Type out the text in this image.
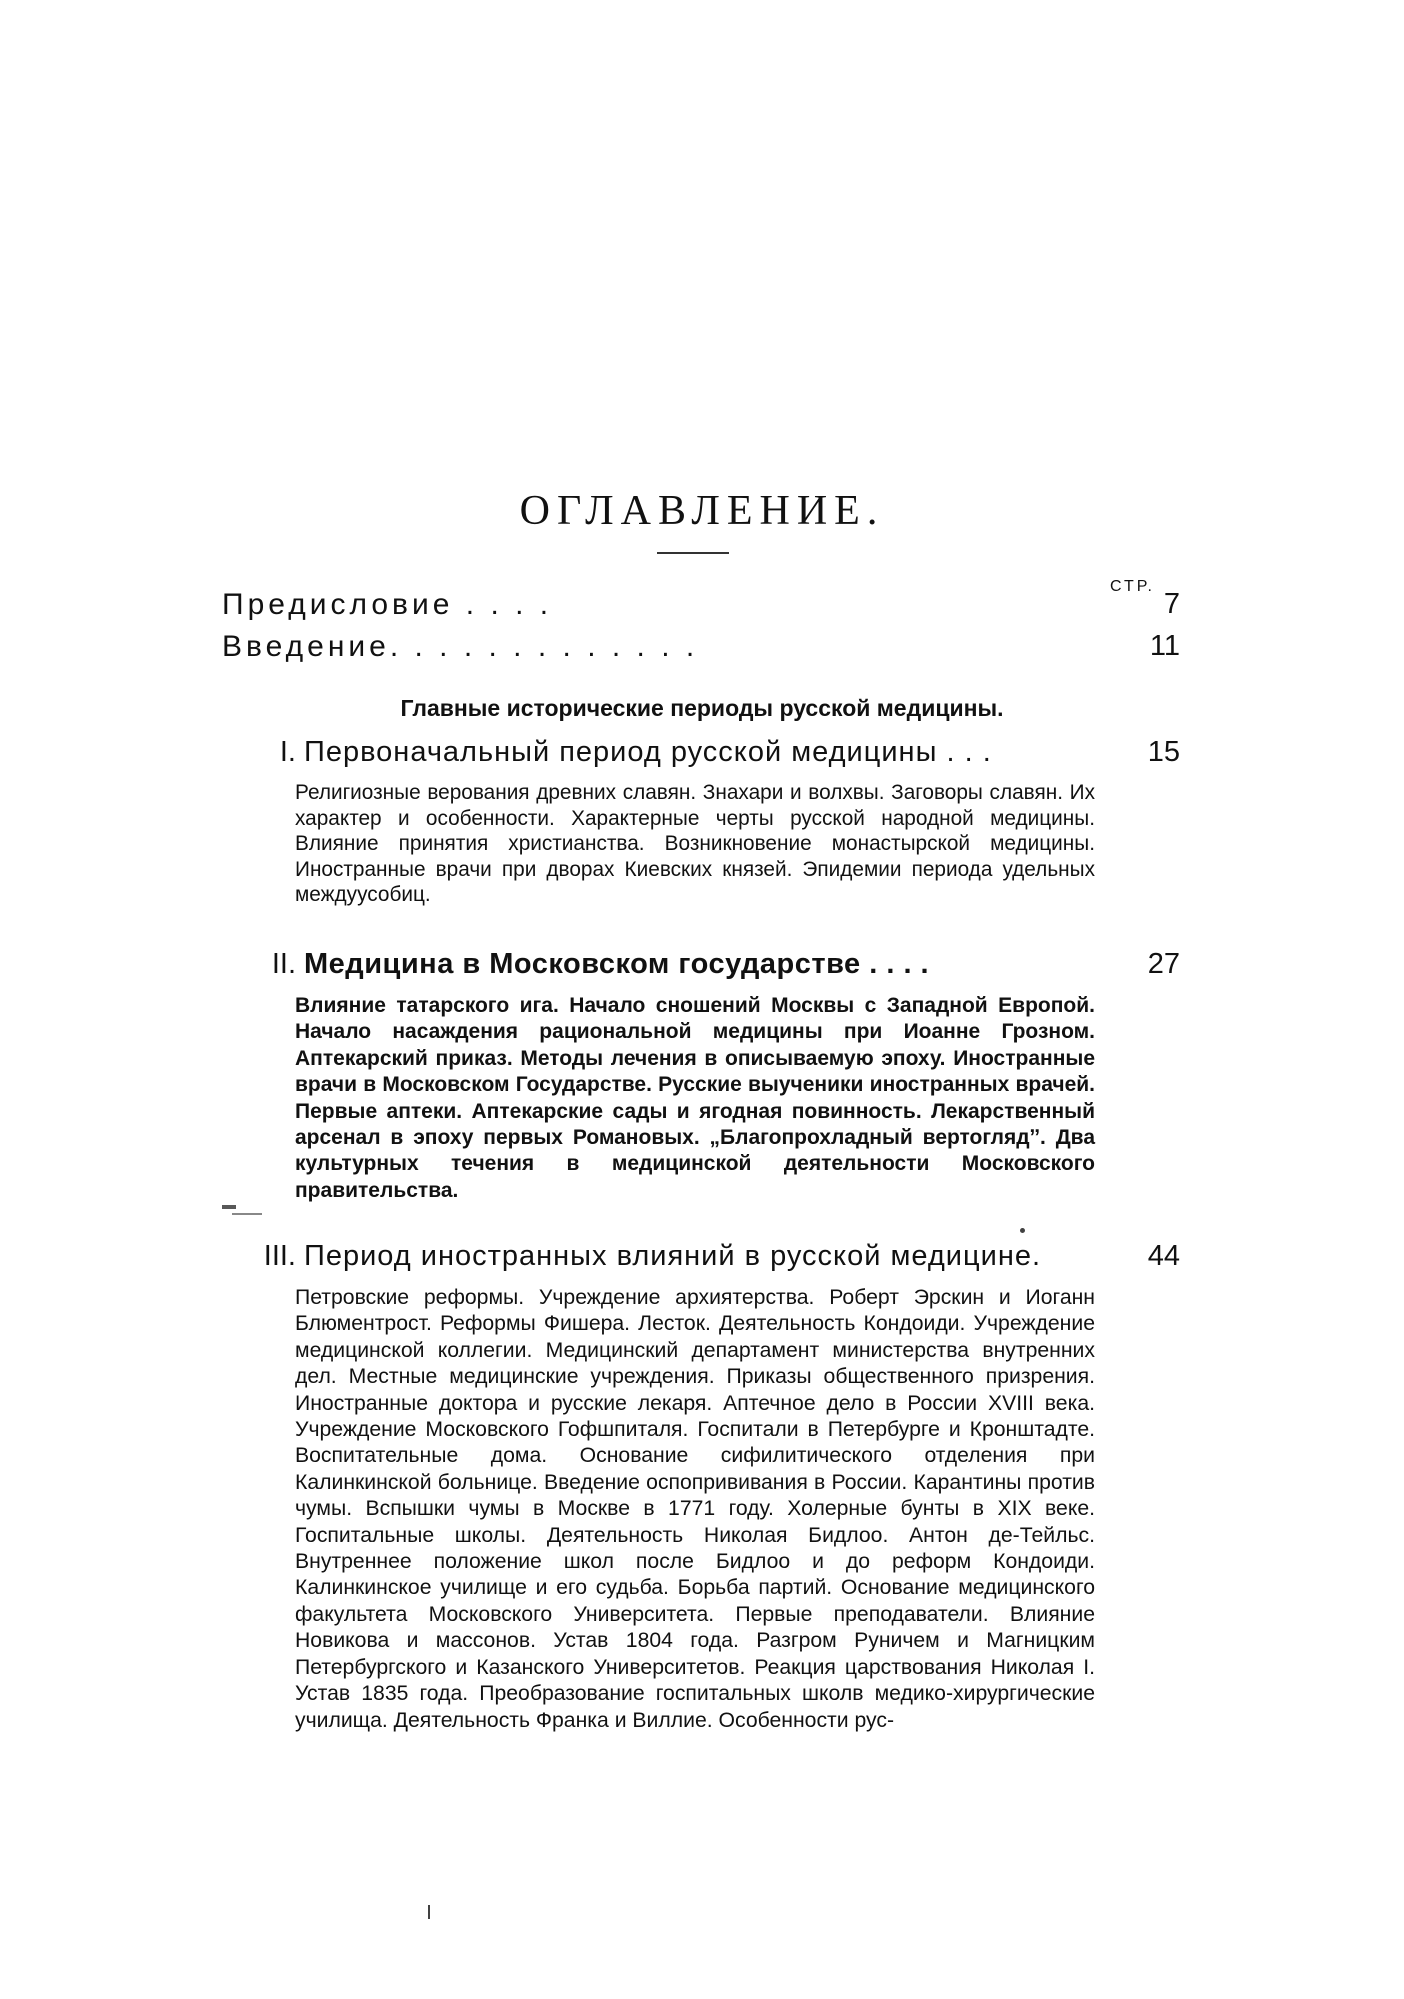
ОГЛАВЛЕНИЕ.
СТР.
Предисловие . . . .	7
Введение. . . . . . . . . . . . .	11
Главные исторические периоды русской медицины.
I. Первоначальный период русской медицины . . .	15

Религиозные верования древних славян. Знахари и волхвы. Заговоры славян. Их характер и особенности. Характерные черты русской народной медицины. Влияние принятия христианства. Возникновение монастырской медицины. Иностранные врачи при дворах Киевских князей. Эпидемии периода удельных междуусобиц.

II. Медицина в Московском государстве . . . .	27

Влияние татарского ига. Начало сношений Москвы с Западной Европой. Начало насаждения рациональной медицины при Иоанне Грозном. Аптекарский приказ. Методы лечения в описываемую эпоху. Иностранные врачи в Московском Государстве. Русские выученики иностранных врачей. Первые аптеки. Аптекарские сады и ягодная повинность. Лекарственный арсенал в эпоху первых Романовых. „Благопрохладный вертоглядˮ. Два культурных течения в медицинской деятельности Московского правительства.

III. Период иностранных влияний в русской медицине.	44

Петровские реформы. Учреждение архиятерства. Роберт Эрскин и Иоганн Блюментрост. Реформы Фишера. Лесток. Деятельность Кондоиди. Учреждение медицинской коллегии. Медицинский департамент министерства внутренних дел. Местные медицинские учреждения. Приказы общественного призрения. Иностранные доктора и русские лекаря. Аптечное дело в России XVIII века. Учреждение Московского Гофшпиталя. Госпитали в Петербурге и Кронштадте. Воспитательные дома. Основание сифилитического отделения при Калинкинской больнице. Введение оспопрививания в России. Карантины против чумы. Вспышки чумы в Москве в 1771 году. Холерные бунты в XIX веке. Госпитальные школы. Деятельность Николая Бидлоо. Антон де-Тейльс. Внутреннее положение школ после Бидлоо и до реформ Кондоиди. Калинкинское училище и его судьба. Борьба партий. Основание медицинского факультета Московского Университета. Первые преподаватели. Влияние Новикова и массонов. Устав 1804 года. Разгром Руничем и Магницким Петербургского и Казанского Университетов. Реакция царствования Николая I. Устав 1835 года. Преобразование госпитальных школв медико-хирургические училища. Деятельность Франка и Виллие. Особенности рус-
